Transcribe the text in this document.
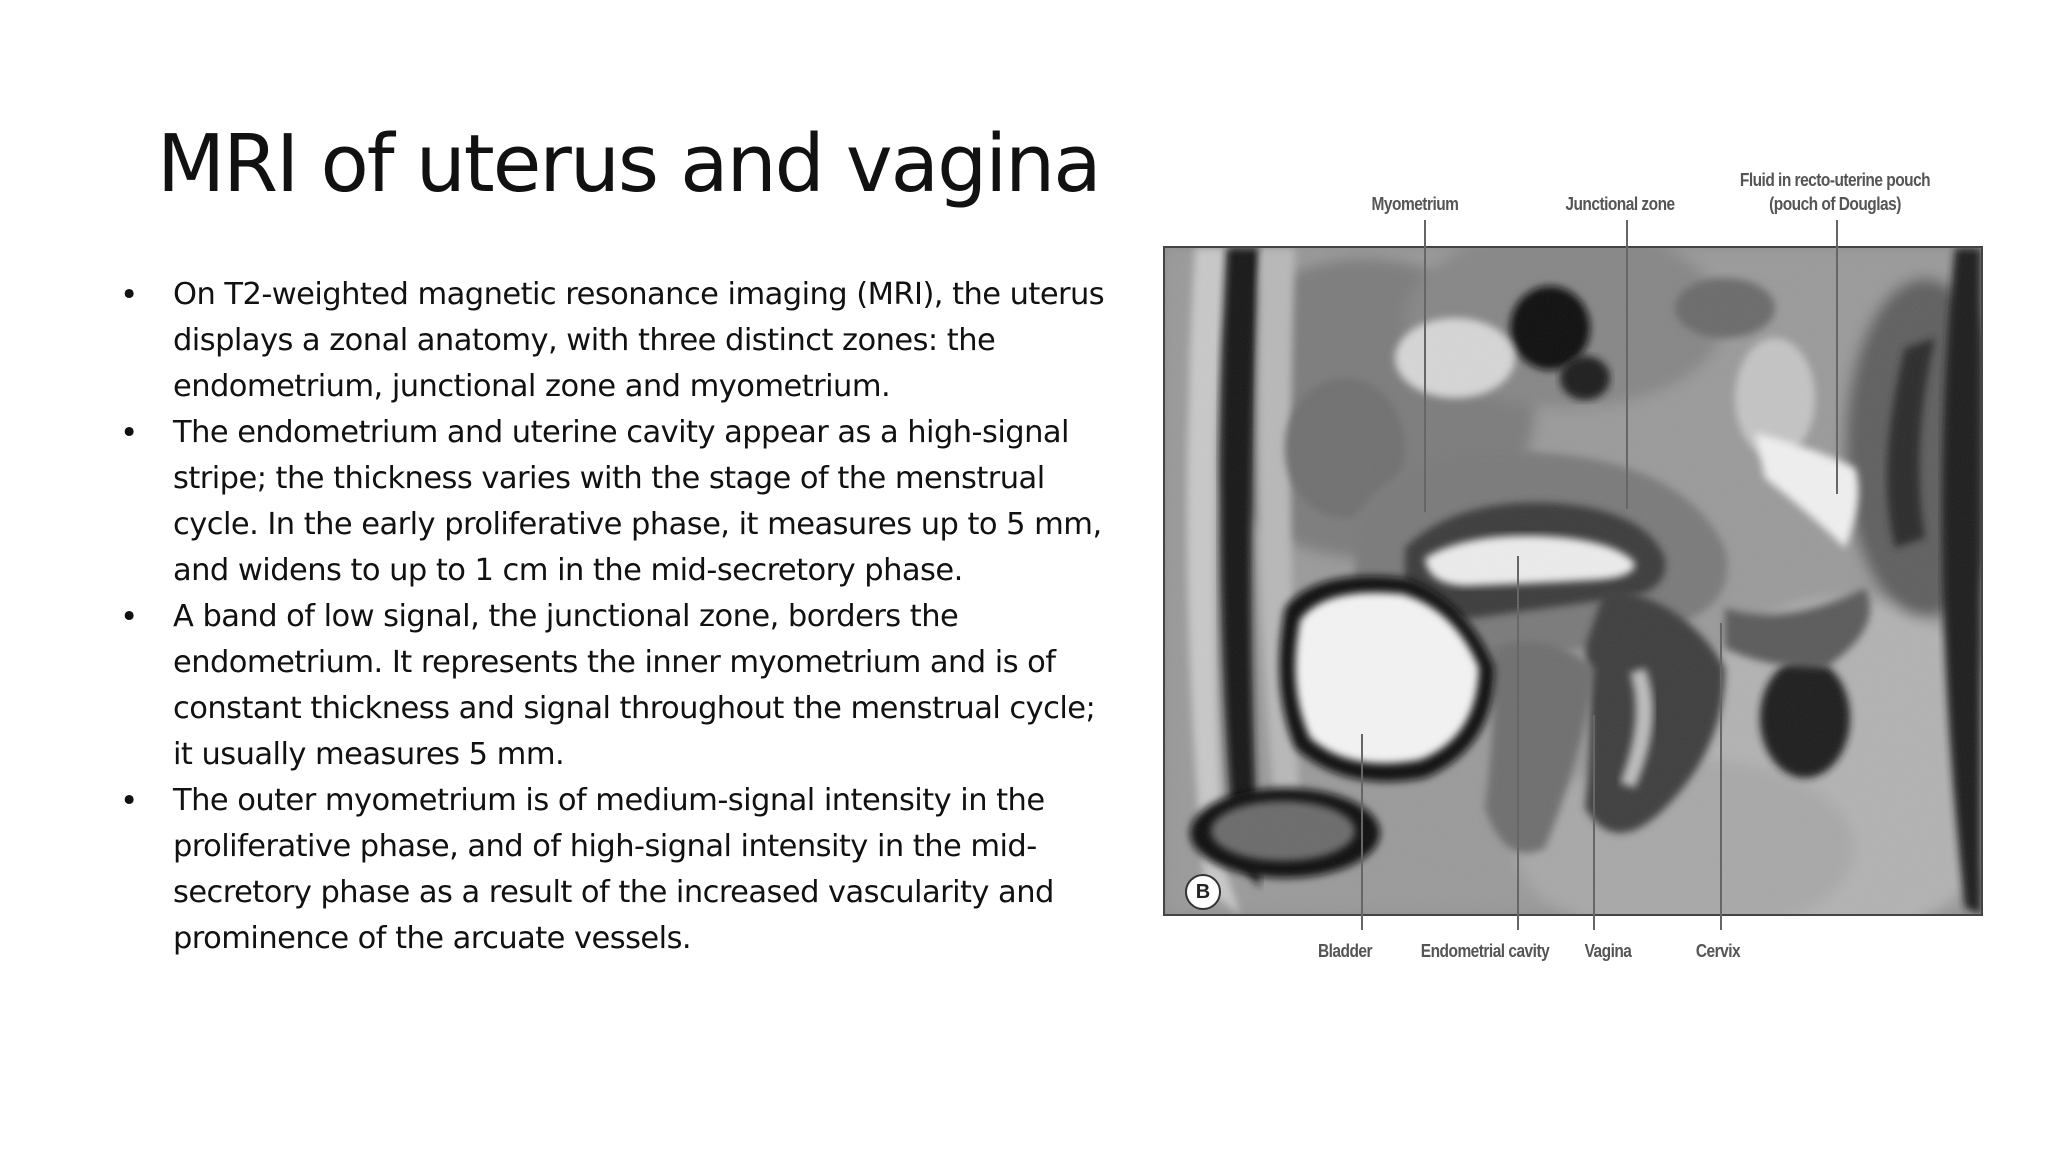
MRI of uterus and vagina
• On T2-weighted magnetic resonance imaging (MRI), the uterus displays a zonal anatomy, with three distinct zones: the endometrium, junctional zone and myometrium.
• The endometrium and uterine cavity appear as a high-signal stripe; the thickness varies with the stage of the menstrual cycle. In the early proliferative phase, it measures up to 5 mm, and widens to up to 1 cm in the mid-secretory phase.
• A band of low signal, the junctional zone, borders the endometrium. It represents the inner myometrium and is of constant thickness and signal throughout the menstrual cycle; it usually measures 5 mm.
• The outer myometrium is of medium-signal intensity in the proliferative phase, and of high-signal intensity in the mid-secretory phase as a result of the increased vascularity and prominence of the arcuate vessels.
Myometrium	Junctional zone
Fluid in recto-uterine pouch
(pouch of Douglas)
B
Bladder	Endometrial cavity	Vagina	Cervix
